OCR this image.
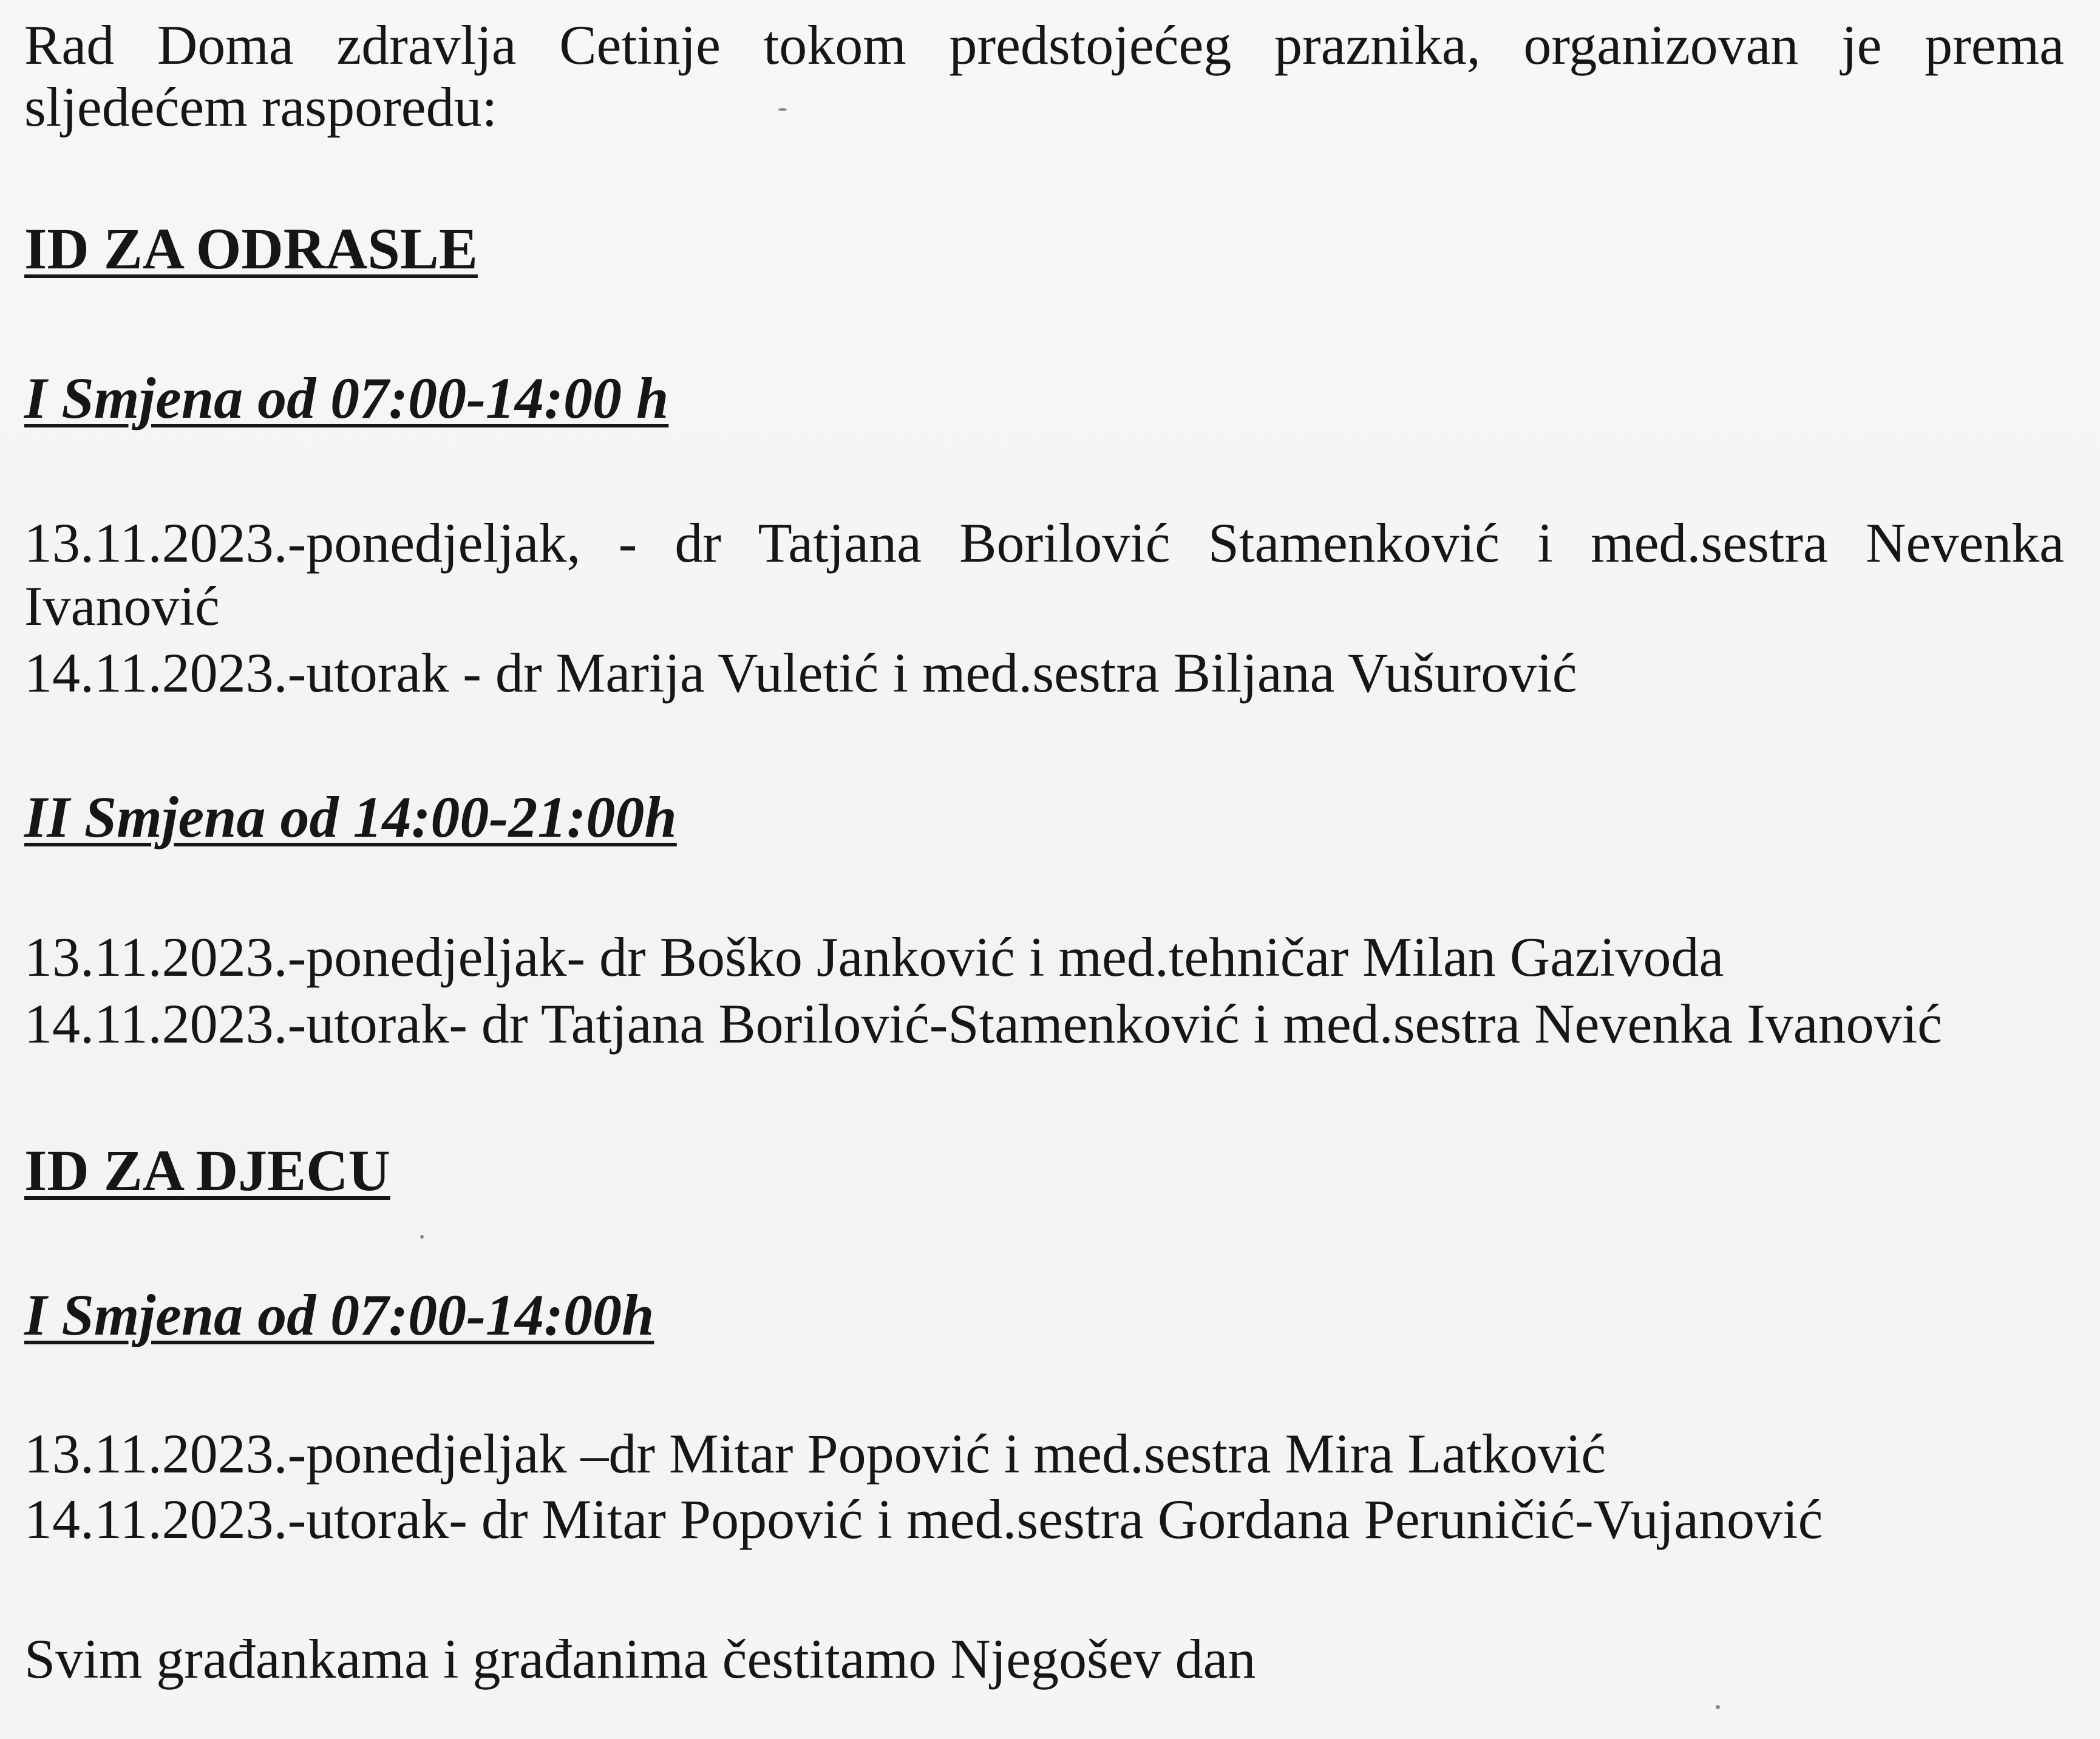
Rad Doma zdravlja Cetinje tokom predstojećeg praznika, organizovan je prema
sljedećem rasporedu:
ID ZA ODRASLE
I Smjena od 07:00-14:00 h
13.11.2023.-ponedjeljak, - dr Tatjana Borilović Stamenković i med.sestra Nevenka
Ivanović
14.11.2023.-utorak - dr Marija Vuletić i med.sestra Biljana Vušurović
II Smjena od 14:00-21:00h
13.11.2023.-ponedjeljak- dr Boško Janković i med.tehničar Milan Gazivoda
14.11.2023.-utorak- dr Tatjana Borilović-Stamenković i med.sestra Nevenka Ivanović
ID ZA DJECU
I Smjena od 07:00-14:00h
13.11.2023.-ponedjeljak –dr Mitar Popović i med.sestra Mira Latković
14.11.2023.-utorak- dr Mitar Popović i med.sestra Gordana Peruničić-Vujanović
Svim građankama i građanima čestitamo Njegošev dan
